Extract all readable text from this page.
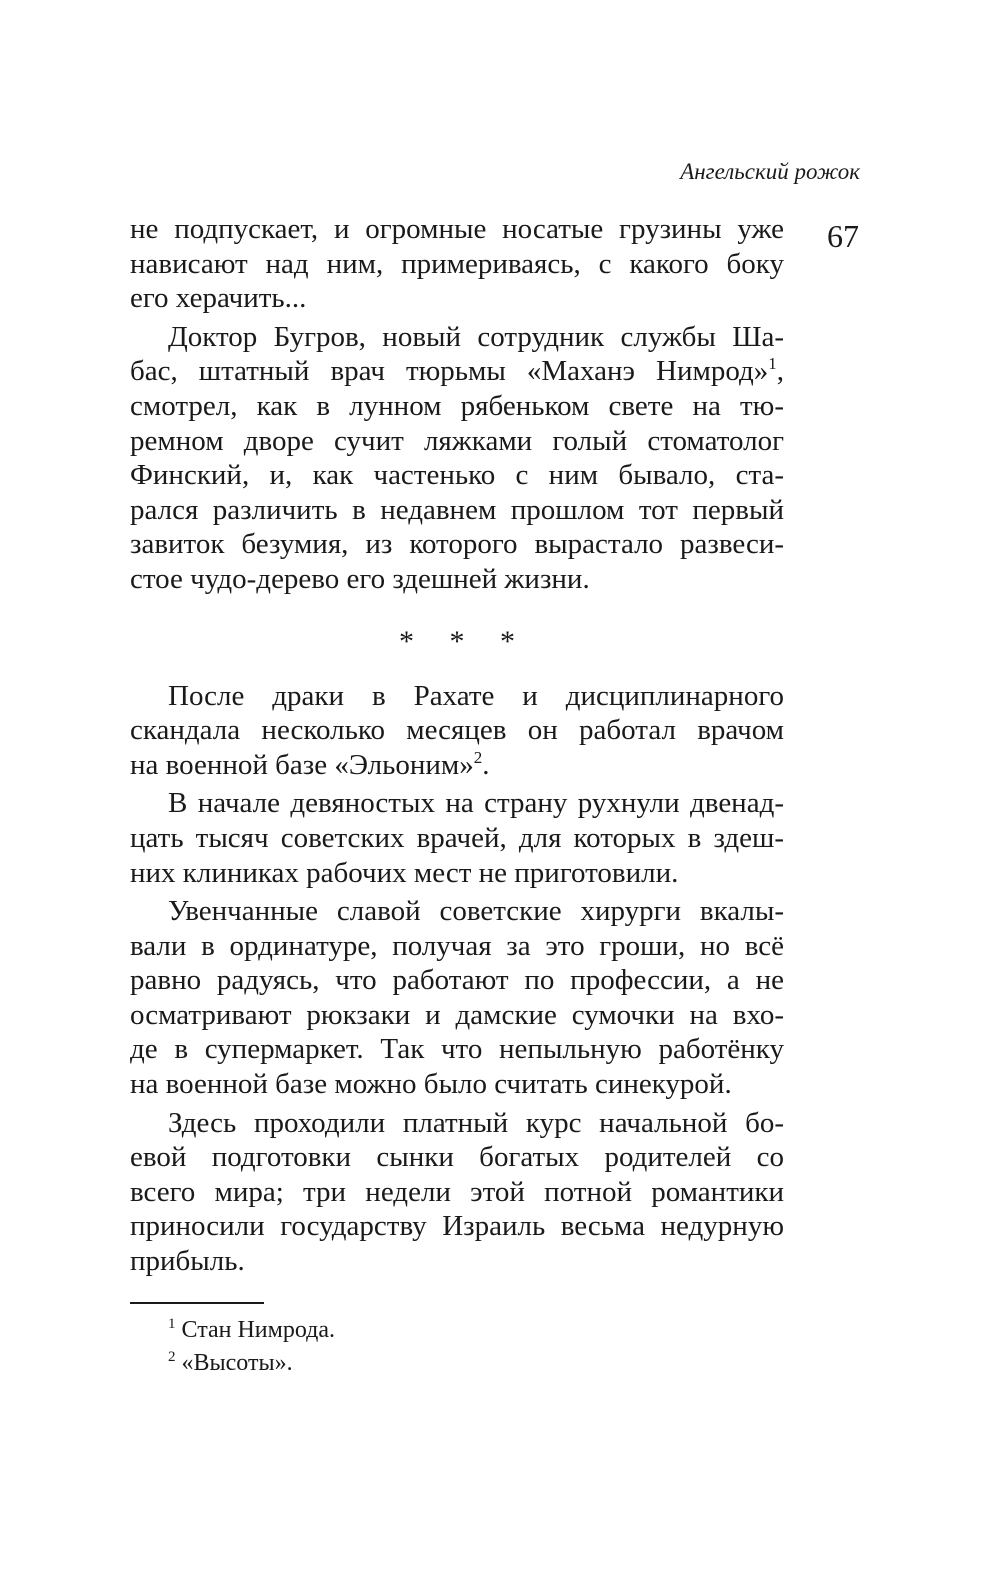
Ангельский рожок
67
не подпускает, и огромные носатые грузины уже
нависают над ним, примериваясь, с какого боку
его херачить...
Доктор Бугров, новый сотрудник службы Ша-
бас, штатный врач тюрьмы «Маханэ Нимрод»$^1$,
смотрел, как в лунном рябеньком свете на тю-
ремном дворе сучит ляжками голый стоматолог
Финский, и, как частенько с ним бывало, ста-
рался различить в недавнем прошлом тот первый
завиток безумия, из которого вырастало развеси-
стое чудо-дерево его здешней жизни.
* * *
После драки в Рахате и дисциплинарного
скандала несколько месяцев он работал врачом
на военной базе «Эльоним»$^2$.
В начале девяностых на страну рухнули двенад-
цать тысяч советских врачей, для которых в здеш-
них клиниках рабочих мест не приготовили.
Увенчанные славой советские хирурги вкалы-
вали в ординатуре, получая за это гроши, но всё
равно радуясь, что работают по профессии, а не
осматривают рюкзаки и дамские сумочки на вхо-
де в супермаркет. Так что непыльную работёнку
на военной базе можно было считать синекурой.
Здесь проходили платный курс начальной бо-
евой подготовки сынки богатых родителей со
всего мира; три недели этой потной романтики
приносили государству Израиль весьма недурную
прибыль.
$^1$ Стан Нимрода.
$^2$ «Высоты».
